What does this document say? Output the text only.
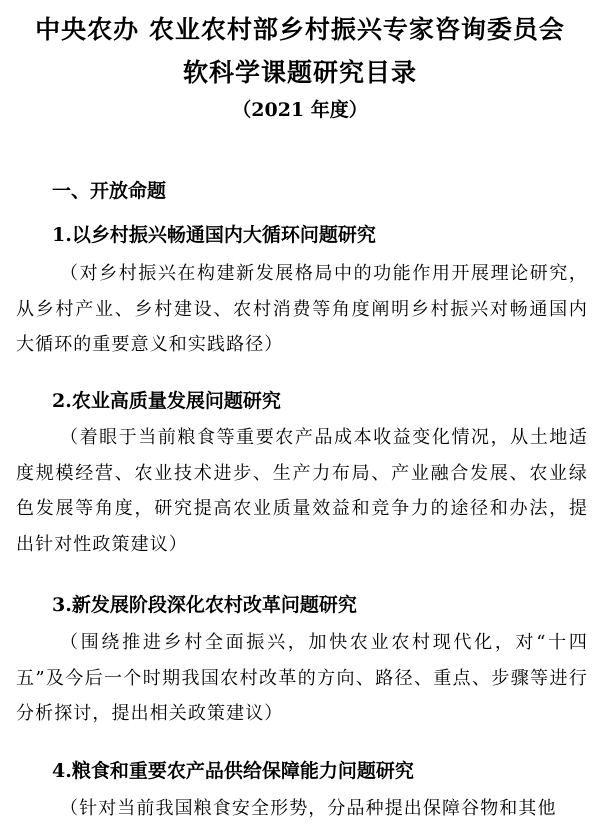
中央农办 农业农村部乡村振兴专家咨询委员会
软科学课题研究目录
（2021 年度）
一、开放命题
1.以乡村振兴畅通国内大循环问题研究
（对乡村振兴在构建新发展格局中的功能作用开展理论研究，从乡村产业、乡村建设、农村消费等角度阐明乡村振兴对畅通国内大循环的重要意义和实践路径）
2.农业高质量发展问题研究
（着眼于当前粮食等重要农产品成本收益变化情况，从土地适度规模经营、农业技术进步、生产力布局、产业融合发展、农业绿色发展等角度，研究提高农业质量效益和竞争力的途径和办法，提出针对性政策建议）
3.新发展阶段深化农村改革问题研究
（围绕推进乡村全面振兴，加快农业农村现代化，对“十四五”及今后一个时期我国农村改革的方向、路径、重点、步骤等进行分析探讨，提出相关政策建议）
4.粮食和重要农产品供给保障能力问题研究
（针对当前我国粮食安全形势，分品种提出保障谷物和其他
